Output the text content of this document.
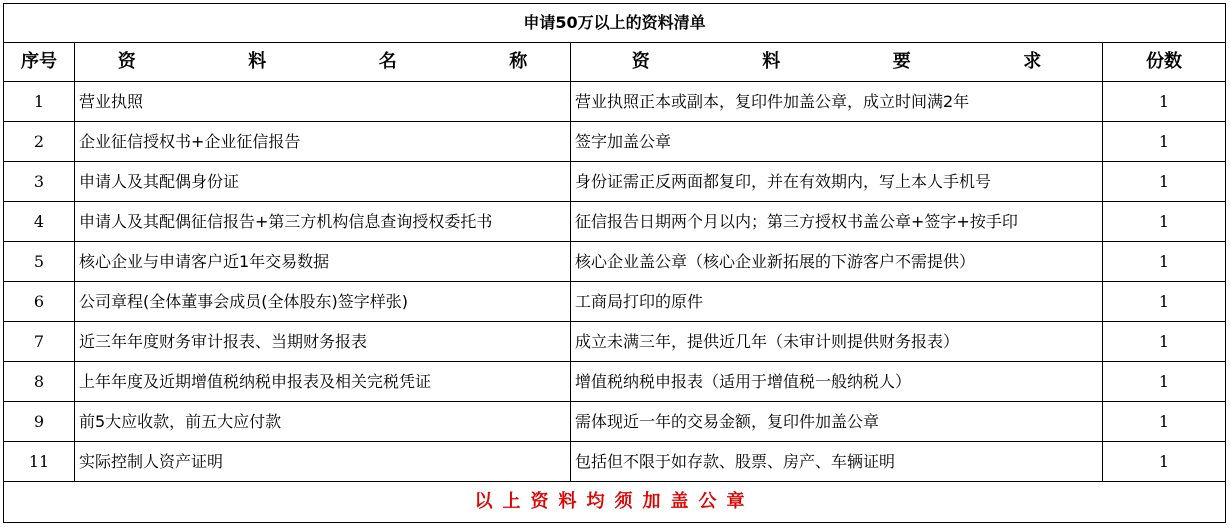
申请50万以上的资料清单			
序号	资  料  名  称	资  料  要  求	份数
1	营业执照	营业执照正本或副本，复印件加盖公章，成立时间满2年	1
2	企业征信授权书+企业征信报告	签字加盖公章	1
3	申请人及其配偶身份证	身份证需正反两面都复印，并在有效期内，写上本人手机号	1
4	申请人及其配偶征信报告+第三方机构信息查询授权委托书	征信报告日期两个月以内；第三方授权书盖公章+签字+按手印	1
5	核心企业与申请客户近1年交易数据	核心企业盖公章（核心企业新拓展的下游客户不需提供）	1
6	公司章程(全体董事会成员(全体股东)签字样张)	工商局打印的原件	1
7	近三年年度财务审计报表、当期财务报表	成立未满三年，提供近几年（未审计则提供财务报表）	1
8	上年年度及近期增值税纳税申报表及相关完税凭证	增值税纳税申报表（适用于增值税一般纳税人）	1
9	前5大应收款，前五大应付款	需体现近一年的交易金额，复印件加盖公章	1
11	实际控制人资产证明	包括但不限于如存款、股票、房产、车辆证明	1
以上资料均须加盖公章			
